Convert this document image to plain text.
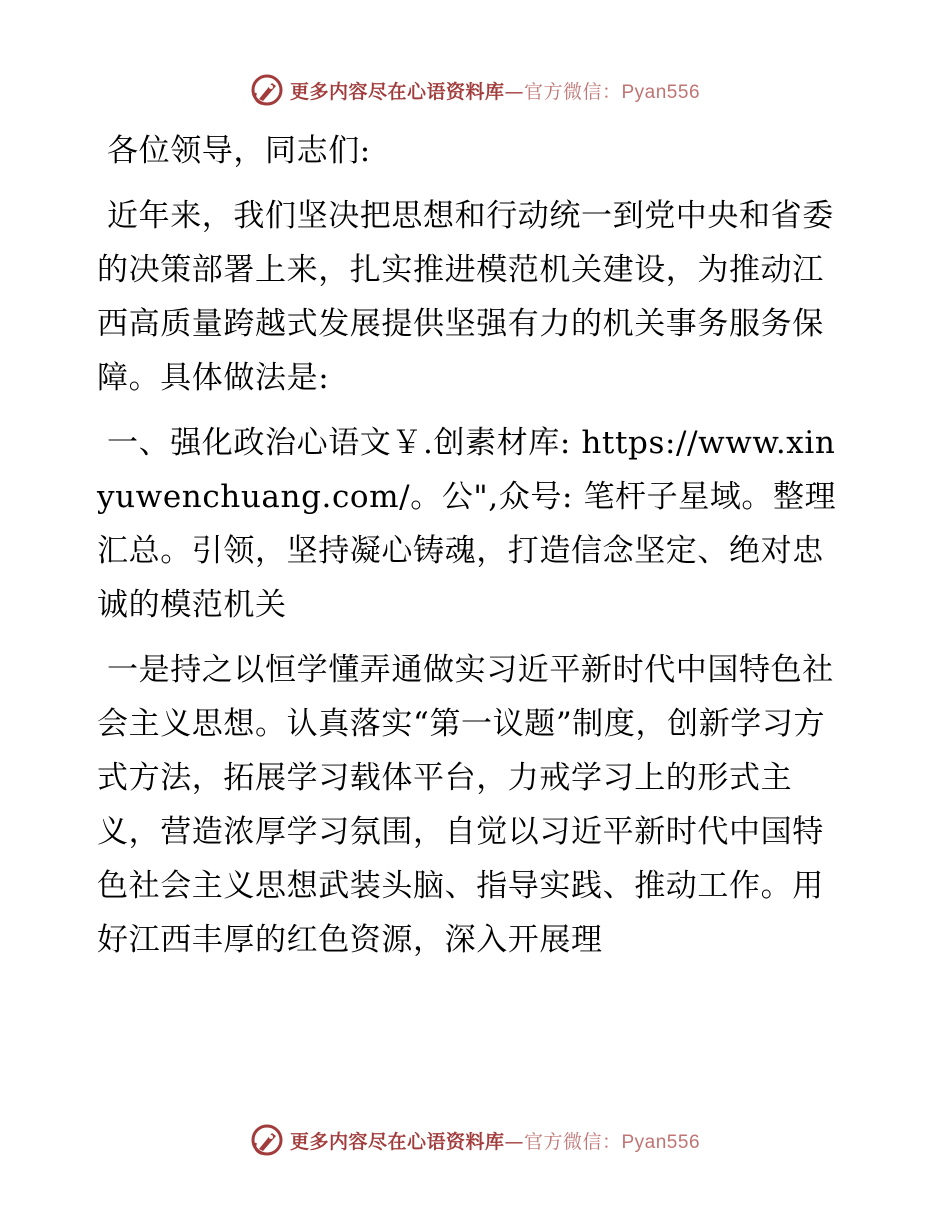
更多内容尽在心语资料库—官方微信：Pyan556

各位领导，同志们:

近年来，我们坚决把思想和行动统一到党中央和省委的决策部署上来，扎实推进模范机关建设，为推动江西高质量跨越式发展提供坚强有力的机关事务服务保障。具体做法是:

一、强化政治心语文￥.创素材库: https://www.xinyuwenchuang.com/。公",众号: 笔杆子星域。整理汇总。引领，坚持凝心铸魂，打造信念坚定、绝对忠诚的模范机关

一是持之以恒学懂弄通做实习近平新时代中国特色社会主义思想。认真落实“第一议题”制度，创新学习方式方法，拓展学习载体平台，力戒学习上的形式主义，营造浓厚学习氛围，自觉以习近平新时代中国特色社会主义思想武装头脑、指导实践、推动工作。用好江西丰厚的红色资源，深入开展理

更多内容尽在心语资料库—官方微信：Pyan556
